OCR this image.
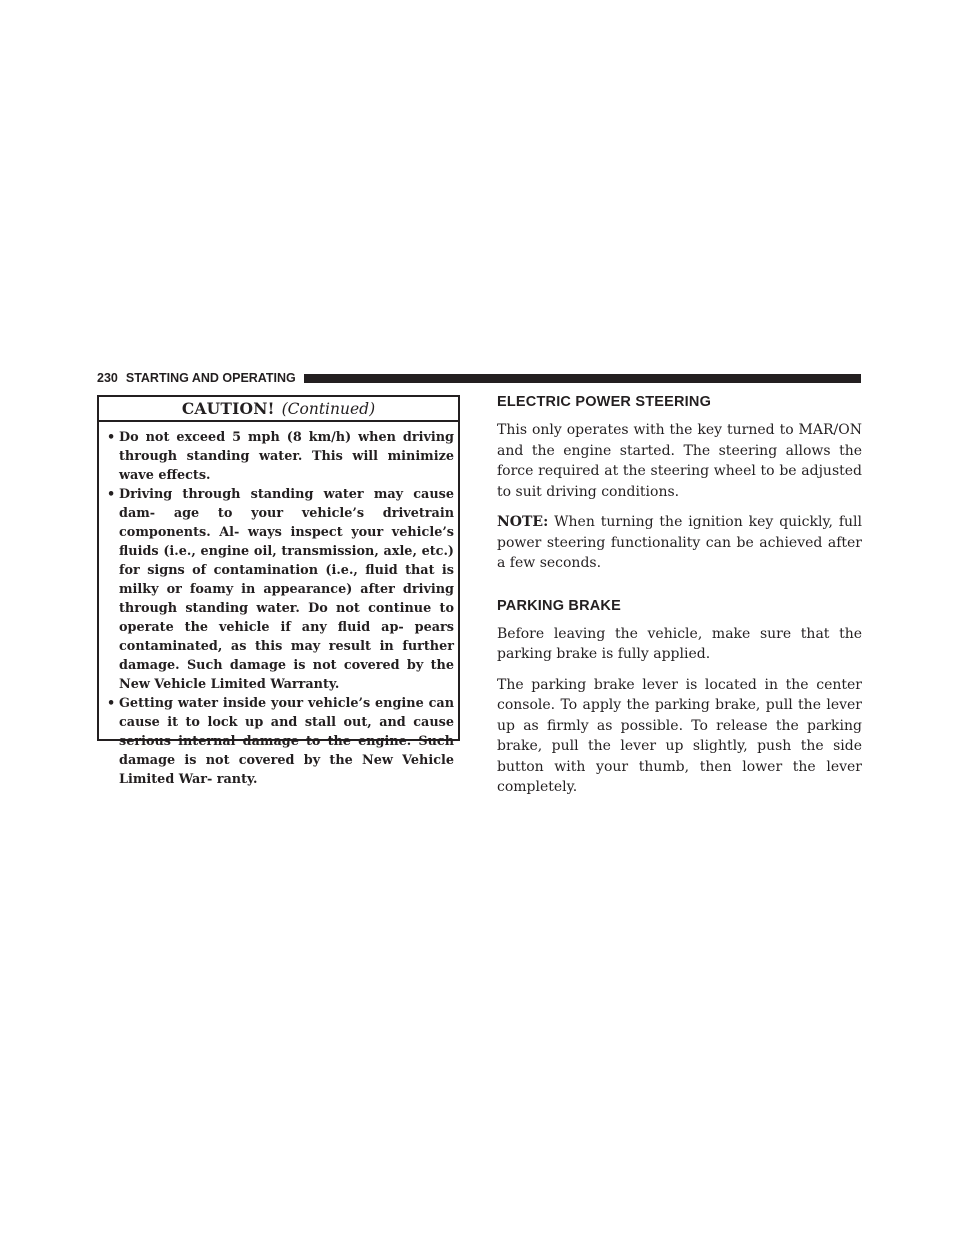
230 STARTING AND OPERATING
CAUTION! (Continued)
• Do not exceed 5 mph (8 km/h) when driving through standing water. This will minimize wave effects.
• Driving through standing water may cause dam- age to your vehicle’s drivetrain components. Al- ways inspect your vehicle’s fluids (i.e., engine oil, transmission, axle, etc.) for signs of contamination (i.e., fluid that is milky or foamy in appearance) after driving through standing water. Do not continue to operate the vehicle if any fluid ap- pears contaminated, as this may result in further damage. Such damage is not covered by the New Vehicle Limited Warranty.
• Getting water inside your vehicle’s engine can cause it to lock up and stall out, and cause serious internal damage to the engine. Such damage is not covered by the New Vehicle Limited War- ranty.
ELECTRIC POWER STEERING

This only operates with the key turned to MAR/ON and the engine started. The steering allows the force required at the steering wheel to be adjusted to suit driving conditions.

NOTE: When turning the ignition key quickly, full power steering functionality can be achieved after a few seconds.

PARKING BRAKE

Before leaving the vehicle, make sure that the parking brake is fully applied.

The parking brake lever is located in the center console. To apply the parking brake, pull the lever up as firmly as possible. To release the parking brake, pull the lever up slightly, push the side button with your thumb, then lower the lever completely.
